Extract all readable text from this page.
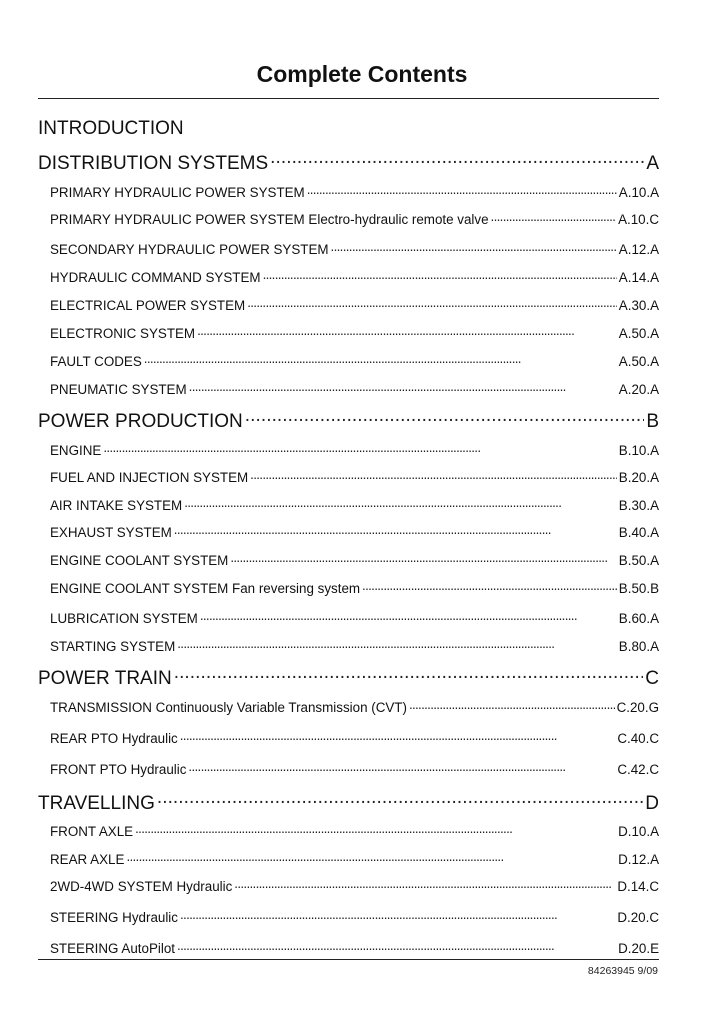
Complete Contents
INTRODUCTION
DISTRIBUTION SYSTEMS . . .	A
PRIMARY HYDRAULIC POWER SYSTEM . . .	A.10.A
PRIMARY HYDRAULIC POWER SYSTEM Electro-hydraulic remote valve . . .	A.10.C
SECONDARY HYDRAULIC POWER SYSTEM . . .	A.12.A
HYDRAULIC COMMAND SYSTEM . . .	A.14.A
ELECTRICAL POWER SYSTEM . . .	A.30.A
ELECTRONIC SYSTEM . . .	A.50.A
FAULT CODES . . .	A.50.A
PNEUMATIC SYSTEM . . .	A.20.A
POWER PRODUCTION . . .	B
ENGINE . . .	B.10.A
FUEL AND INJECTION SYSTEM . . .	B.20.A
AIR INTAKE SYSTEM . . .	B.30.A
EXHAUST SYSTEM . . .	B.40.A
ENGINE COOLANT SYSTEM . . .	B.50.A
ENGINE COOLANT SYSTEM Fan reversing system . . .	B.50.B
LUBRICATION SYSTEM . . .	B.60.A
STARTING SYSTEM . . .	B.80.A
POWER TRAIN . . .	C
TRANSMISSION Continuously Variable Transmission (CVT) . . .	C.20.G
REAR PTO Hydraulic . . .	C.40.C
FRONT PTO Hydraulic . . .	C.42.C
TRAVELLING . . .	D
FRONT AXLE . . .	D.10.A
REAR AXLE . . .	D.12.A
2WD-4WD SYSTEM Hydraulic . . .	D.14.C
STEERING Hydraulic . . .	D.20.C
STEERING AutoPilot . . .	D.20.E
84263945 9/09
